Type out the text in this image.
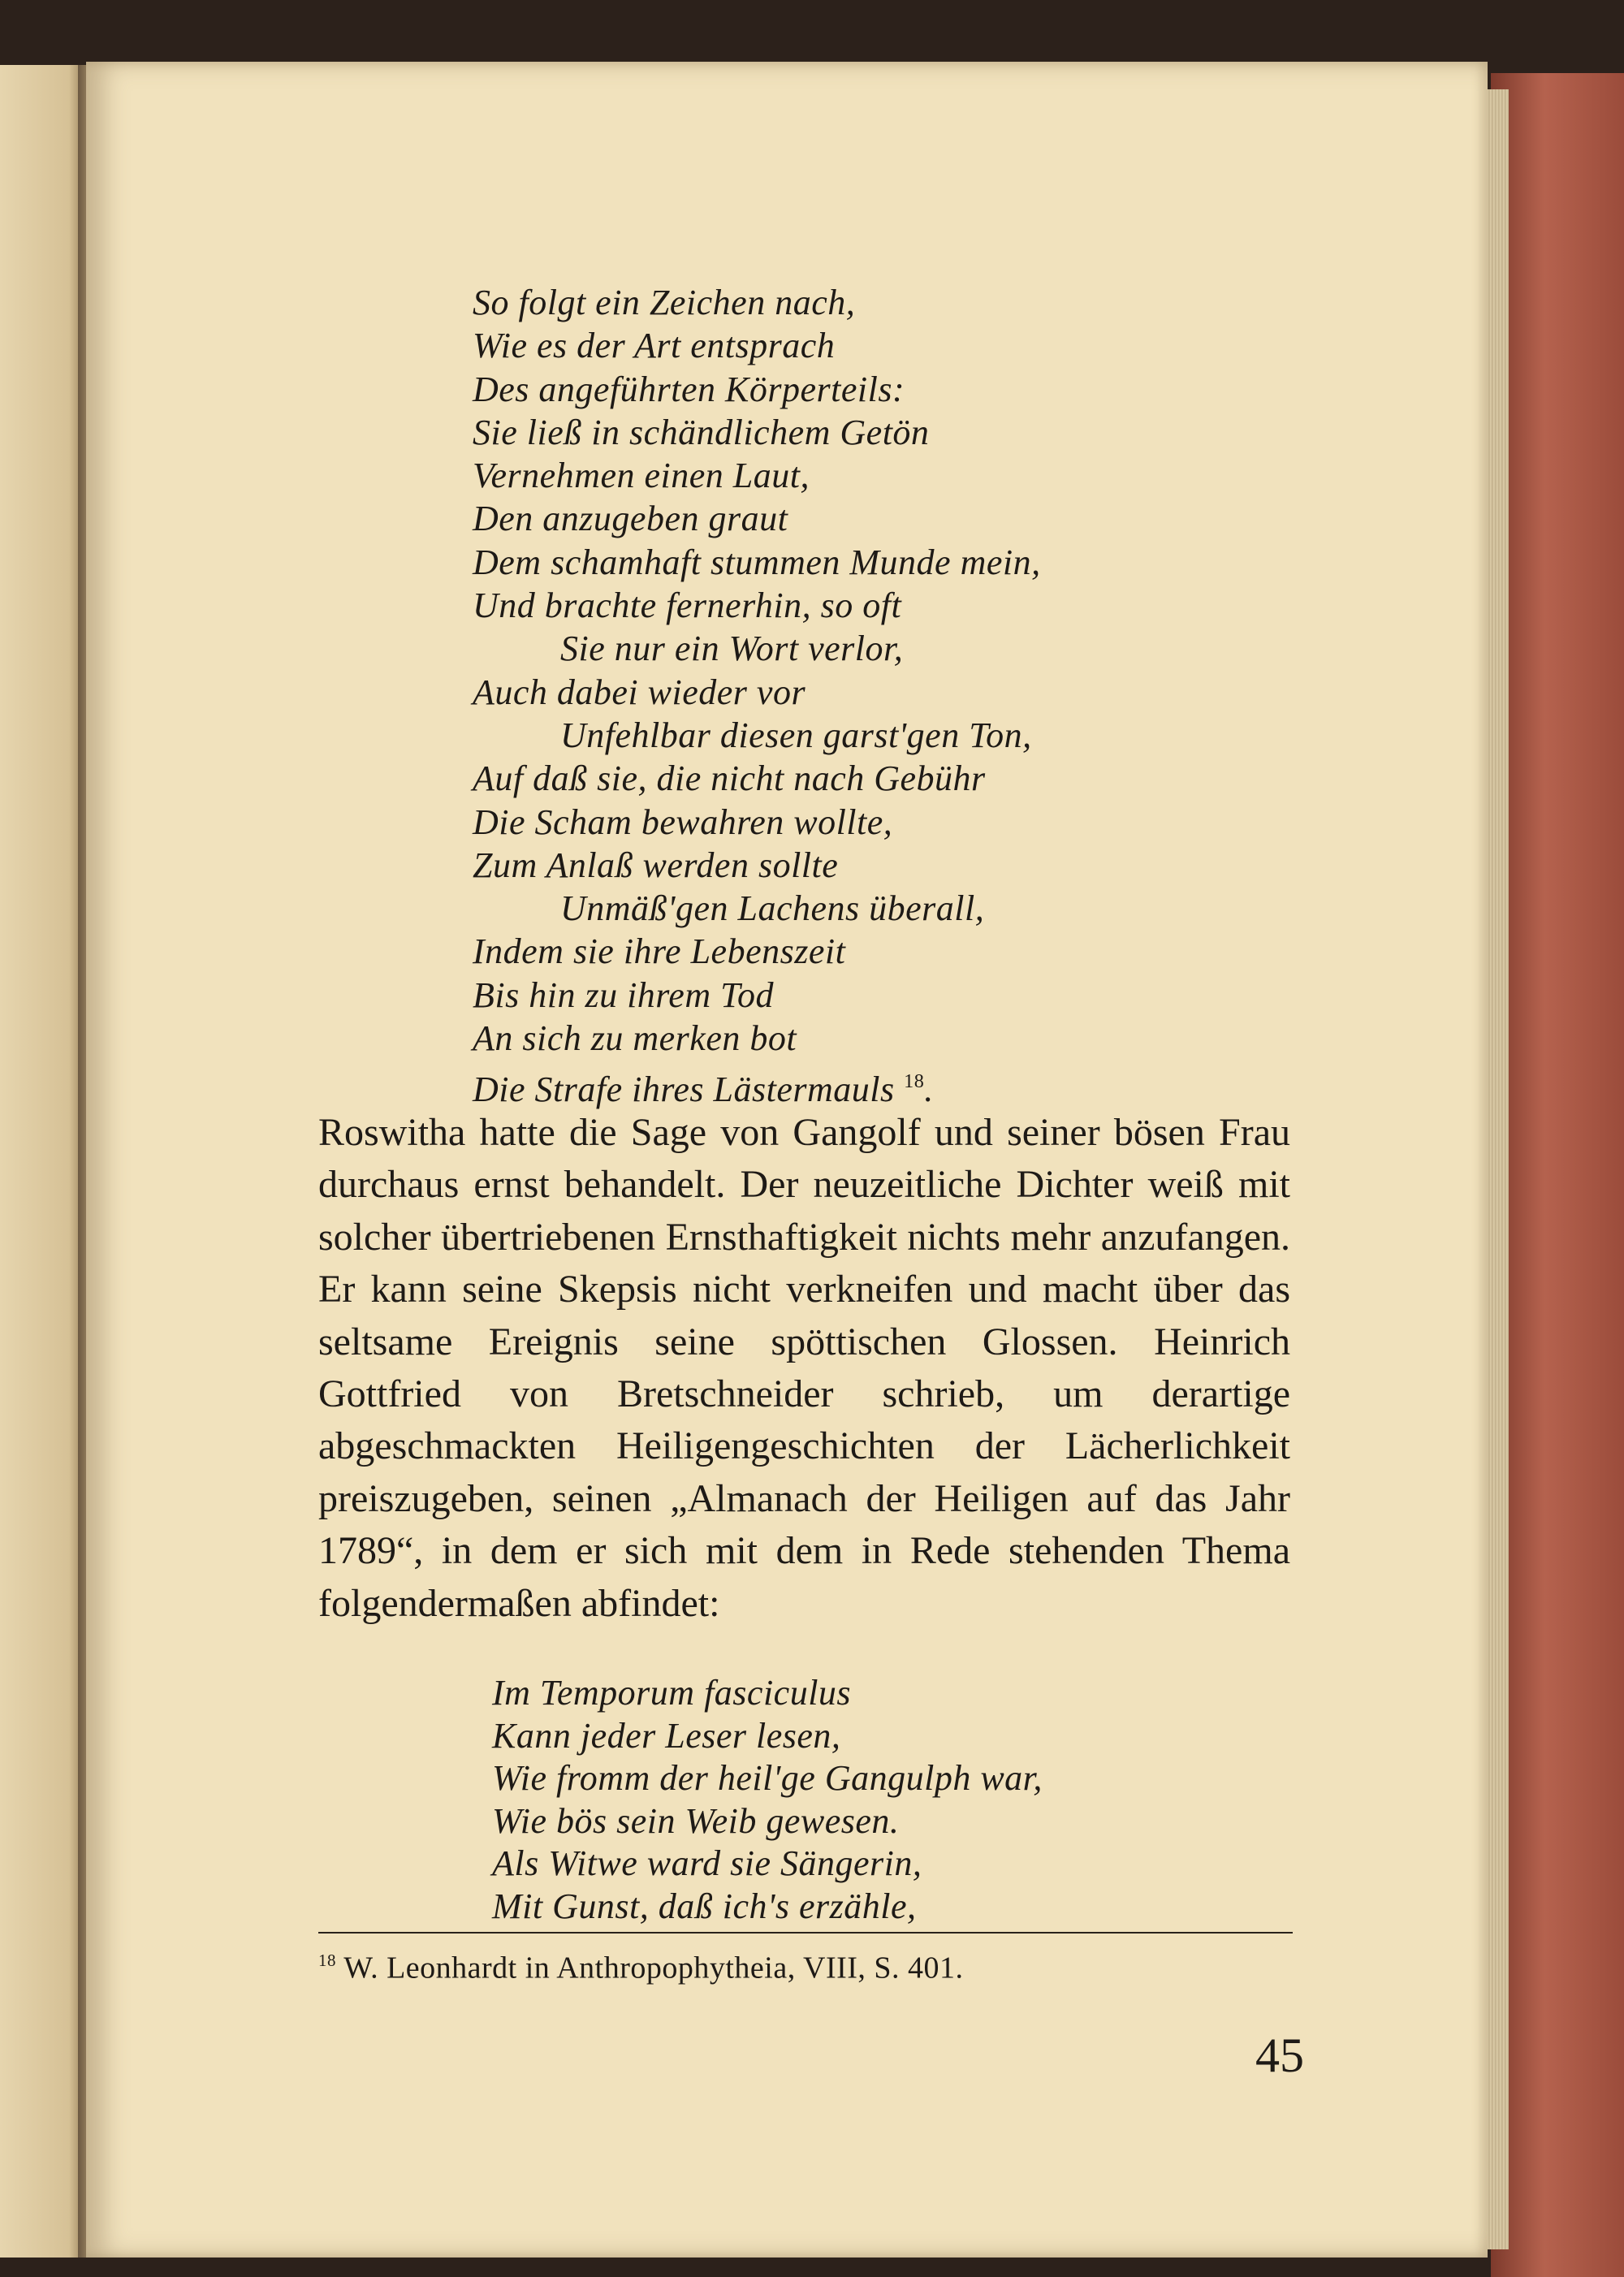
So folgt ein Zeichen nach,
Wie es der Art entsprach
Des angeführten Körperteils:
Sie ließ in schändlichem Getön
Vernehmen einen Laut,
Den anzugeben graut
Dem schamhaft stummen Munde mein,
Und brachte fernerhin, so oft
Sie nur ein Wort verlor,
Auch dabei wieder vor
Unfehlbar diesen garst'gen Ton,
Auf daß sie, die nicht nach Gebühr
Die Scham bewahren wollte,
Zum Anlaß werden sollte
Unmäß'gen Lachens überall,
Indem sie ihre Lebenszeit
Bis hin zu ihrem Tod
An sich zu merken bot
Die Strafe ihres Lästermauls $^{18}$.

Roswitha hatte die Sage von Gangolf und seiner bösen Frau durchaus ernst behandelt. Der neuzeitliche Dichter weiß mit solcher übertriebenen Ernsthaftigkeit nichts mehr anzufangen. Er kann seine Skepsis nicht verkneifen und macht über das seltsame Ereignis seine spöttischen Glossen. Heinrich Gottfried von Bretschneider schrieb, um derartige abgeschmackten Heiligengeschichten der Lächerlichkeit preiszugeben, seinen „Almanach der Heiligen auf das Jahr 1789“, in dem er sich mit dem in Rede stehenden Thema folgendermaßen abfindet:

Im Temporum fasciculus
Kann jeder Leser lesen,
Wie fromm der heil'ge Gangulph war,
Wie bös sein Weib gewesen.
Als Witwe ward sie Sängerin,
Mit Gunst, daß ich's erzähle,

$^{18}$ W. Leonhardt in Anthropophytheia, VIII, S. 401.

45
